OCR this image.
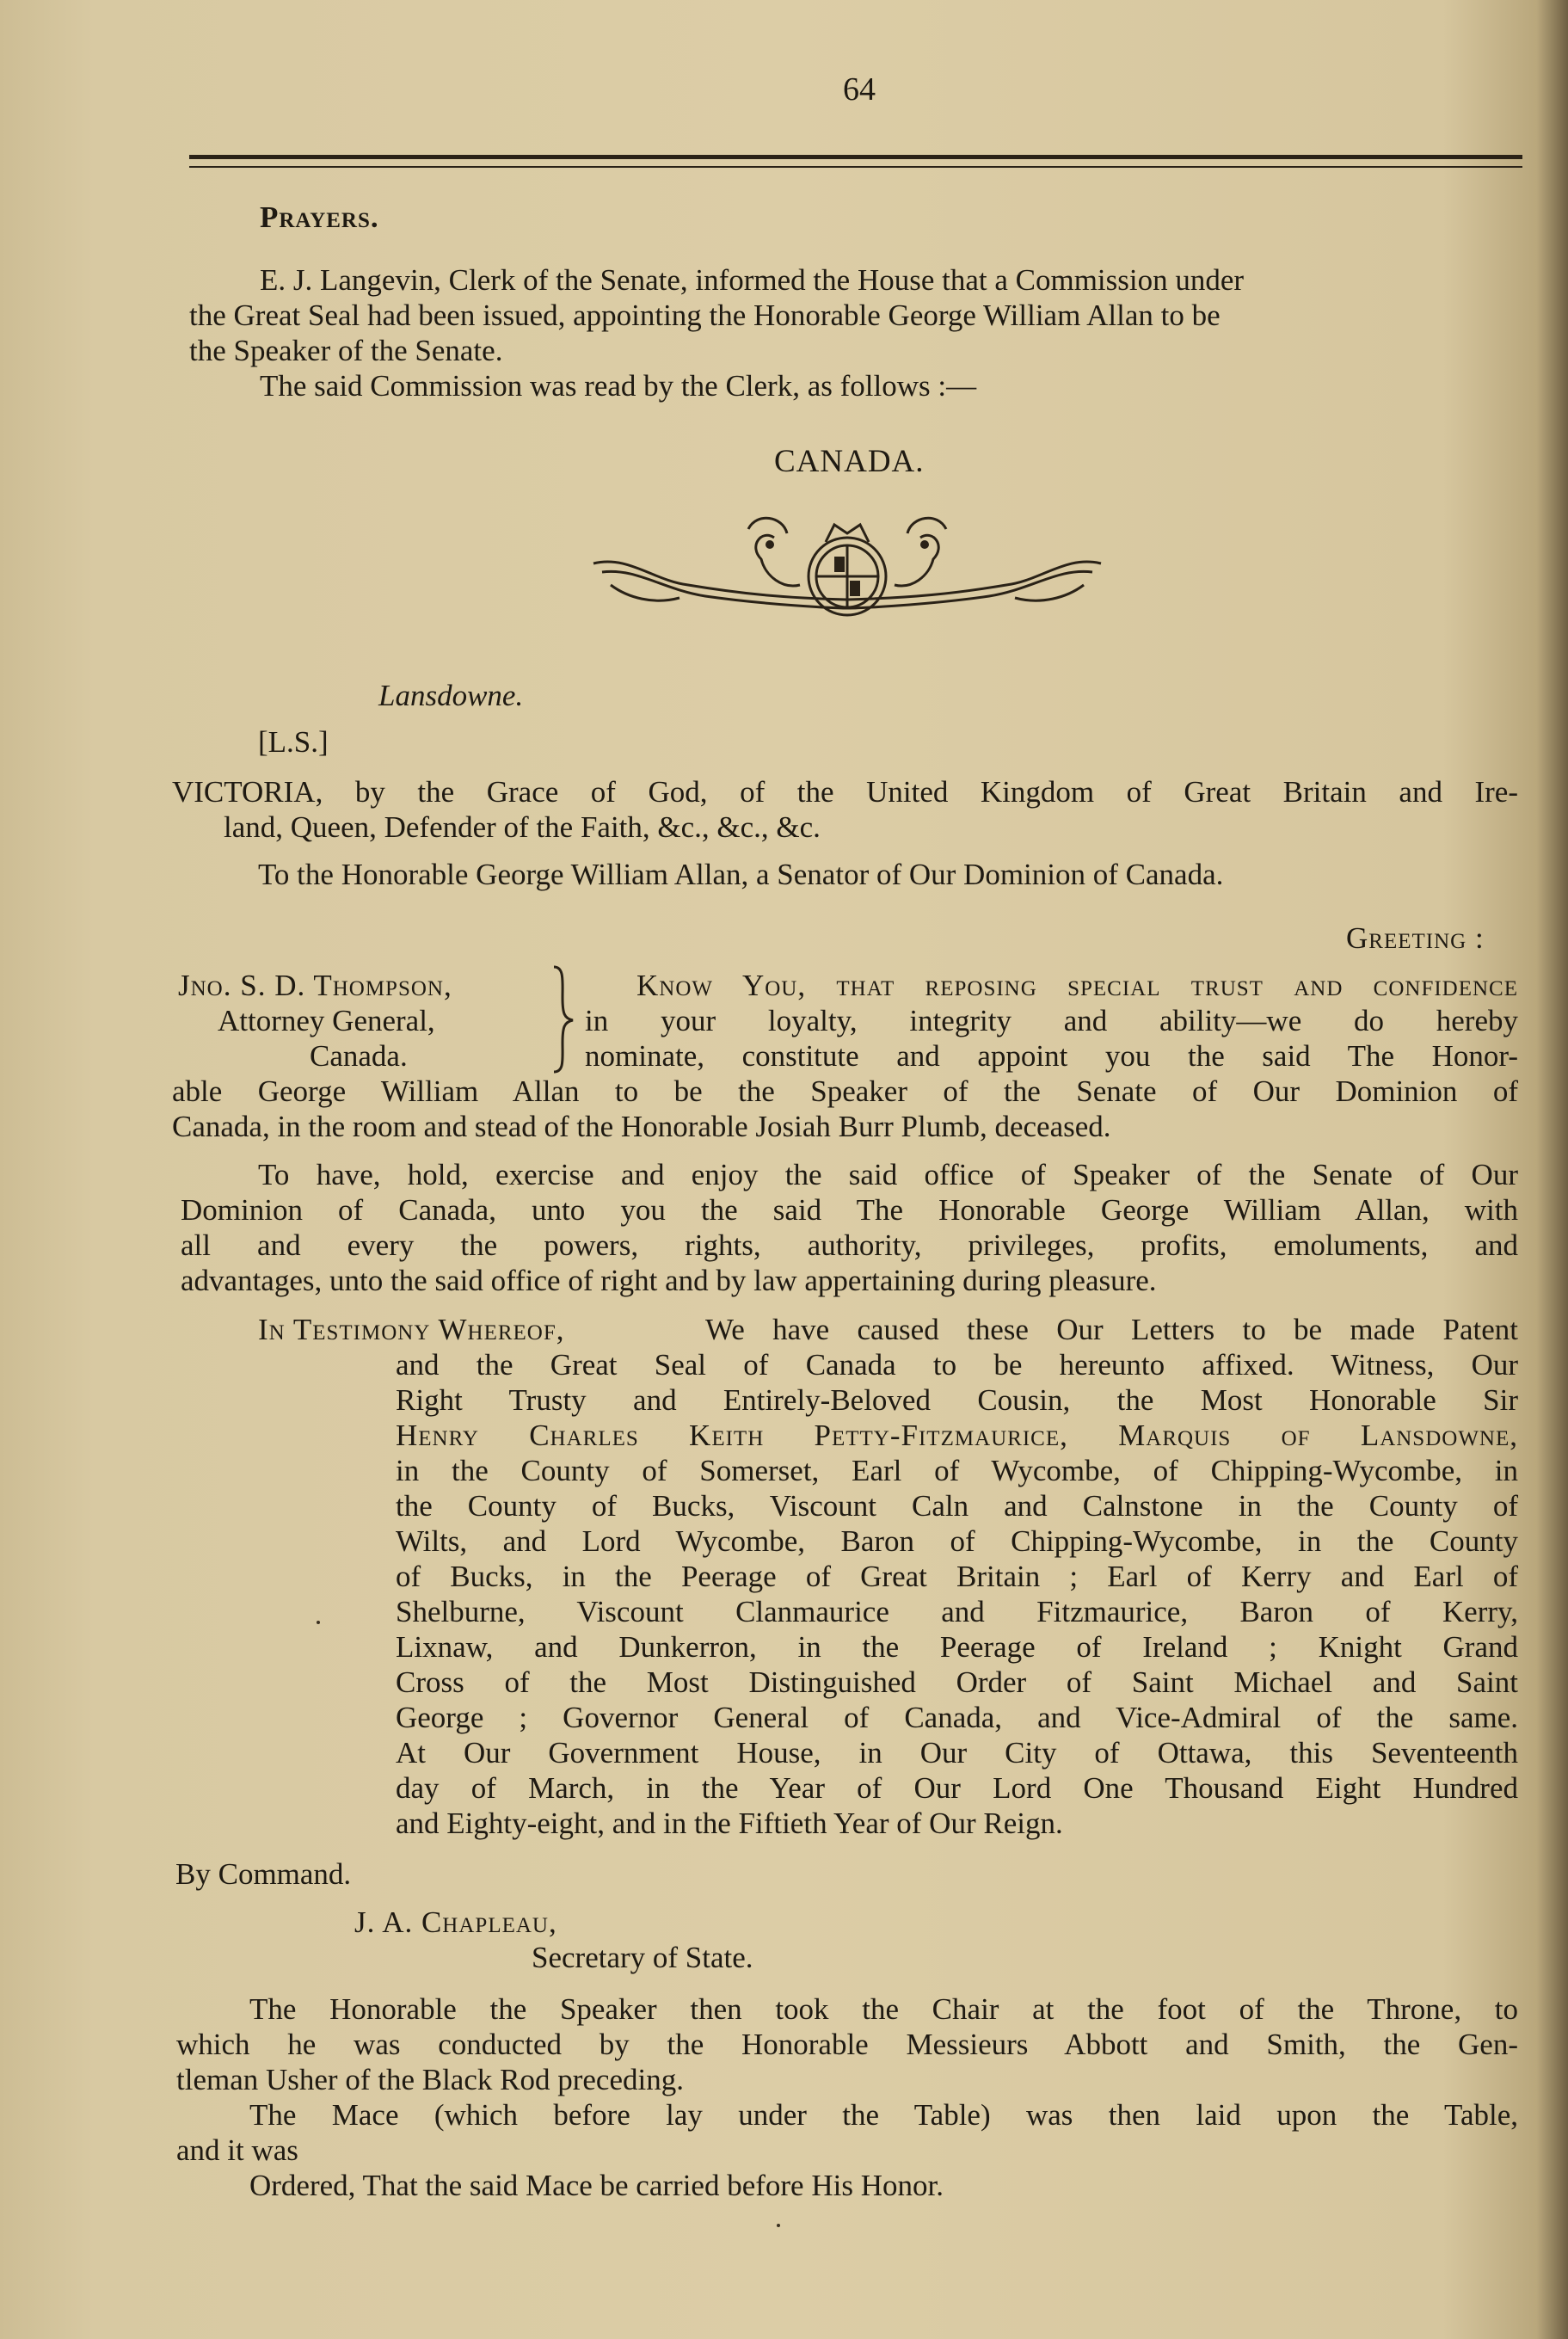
64
Prayers.
E. J. Langevin, Clerk of the Senate, informed the House that a Commission under
the Great Seal had been issued, appointing the Honorable George William Allan to be
the Speaker of the Senate.
The said Commission was read by the Clerk, as follows :—
CANADA.
Lansdowne.
[L.S.]
VICTORIA, by the Grace of God, of the United Kingdom of Great Britain and Ire-
land, Queen, Defender of the Faith, &c., &c., &c.
To the Honorable George William Allan, a Senator of Our Dominion of Canada.
Greeting :
Jno. S. D. Thompson,
Attorney General,
Canada.
Know You, that reposing special trust and confidence
in your loyalty, integrity and ability—we do hereby
nominate, constitute and appoint you the said The Honor-
able George William Allan to be the Speaker of the Senate of Our Dominion of
Canada, in the room and stead of the Honorable Josiah Burr Plumb, deceased.
To have, hold, exercise and enjoy the said office of Speaker of the Senate of Our
Dominion of Canada, unto you the said The Honorable George William Allan, with
all and every the powers, rights, authority, privileges, profits, emoluments, and
advantages, unto the said office of right and by law appertaining during pleasure.
In Testimony Whereof,	We have caused these Our Letters to be made Patent
and the Great Seal of Canada to be hereunto affixed. Witness, Our
Right Trusty and Entirely-Beloved Cousin, the Most Honorable Sir
Henry Charles Keith Petty-Fitzmaurice, Marquis of Lansdowne,
in the County of Somerset, Earl of Wycombe, of Chipping-Wycombe, in
the County of Bucks, Viscount Caln and Calnstone in the County of
Wilts, and Lord Wycombe, Baron of Chipping-Wycombe, in the County
of Bucks, in the Peerage of Great Britain ; Earl of Kerry and Earl of
Shelburne, Viscount Clanmaurice and Fitzmaurice, Baron of Kerry,
Lixnaw, and Dunkerron, in the Peerage of Ireland ; Knight Grand
Cross of the Most Distinguished Order of Saint Michael and Saint
George ; Governor General of Canada, and Vice-Admiral of the same.
At Our Government House, in Our City of Ottawa, this Seventeenth
day of March, in the Year of Our Lord One Thousand Eight Hundred
and Eighty-eight, and in the Fiftieth Year of Our Reign.
By Command.
J. A. Chapleau,
Secretary of State.
The Honorable the Speaker then took the Chair at the foot of the Throne, to
which he was conducted by the Honorable Messieurs Abbott and Smith, the Gen-
tleman Usher of the Black Rod preceding.
The Mace (which before lay under the Table) was then laid upon the Table,
and it was
Ordered, That the said Mace be carried before His Honor.
